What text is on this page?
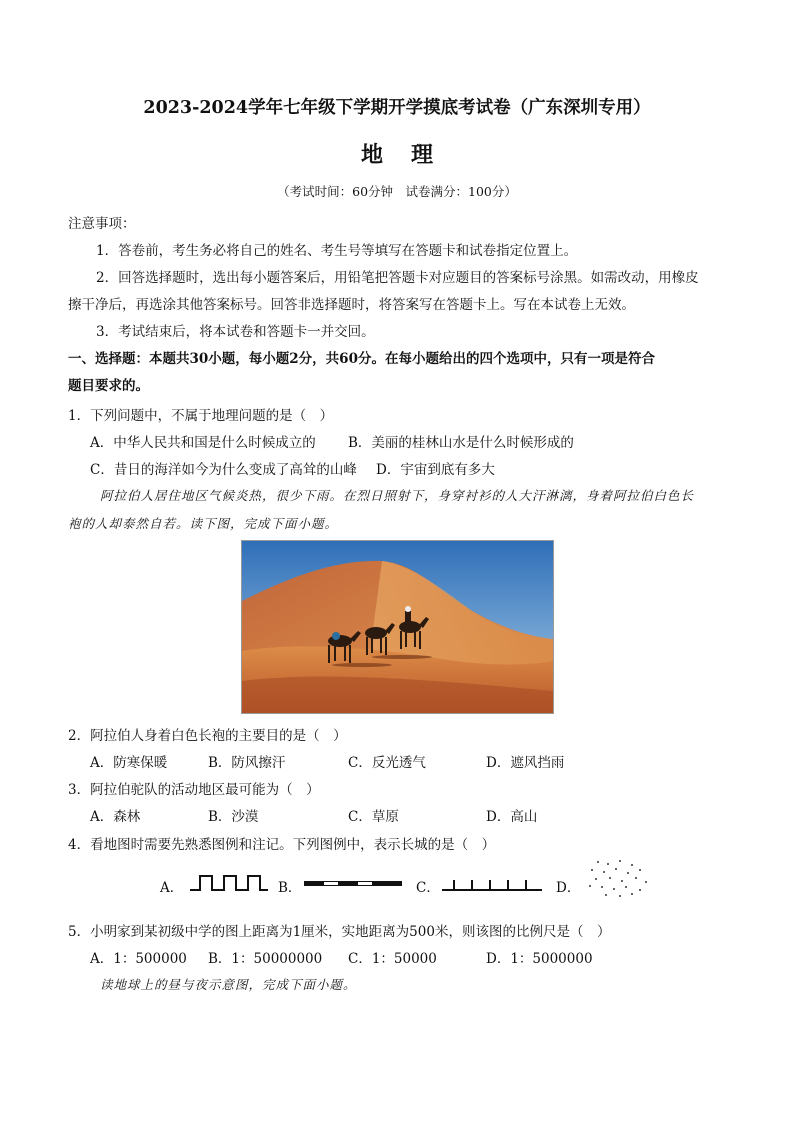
2023-2024学年七年级下学期开学摸底考试卷（广东深圳专用）
地理
（考试时间：60分钟　试卷满分：100分）
注意事项：
1．答卷前，考生务必将自己的姓名、考生号等填写在答题卡和试卷指定位置上。
2．回答选择题时，选出每小题答案后，用铅笔把答题卡对应题目的答案标号涂黑。如需改动，用橡皮
擦干净后，再选涂其他答案标号。回答非选择题时，将答案写在答题卡上。写在本试卷上无效。
3．考试结束后，将本试卷和答题卡一并交回。
一、选择题：本题共30小题，每小题2分，共60分。在每小题给出的四个选项中，只有一项是符合
题目要求的。
1．下列问题中，不属于地理问题的是（　）
A．中华人民共和国是什么时候成立的 B．美丽的桂林山水是什么时候形成的
C．昔日的海洋如今为什么变成了高耸的山峰 D．宇宙到底有多大
阿拉伯人居住地区气候炎热，很少下雨。在烈日照射下，身穿衬衫的人大汗淋漓，身着阿拉伯白色长
袍的人却泰然自若。读下图，完成下面小题。
2．阿拉伯人身着白色长袍的主要目的是（　）
A．防寒保暖	B．防风擦汗	C．反光透气	D．遮风挡雨
3．阿拉伯驼队的活动地区最可能为（　）
A．森林	B．沙漠	C．草原	D．高山
4．看地图时需要先熟悉图例和注记。下列图例中，表示长城的是（　）
A．	B．	C．	D．
5．小明家到某初级中学的图上距离为1厘米，实地距离为500米，则该图的比例尺是（　）
A．1：500000 B．1：50000000 C．1：50000	D．1：5000000
读地球上的昼与夜示意图，完成下面小题。
